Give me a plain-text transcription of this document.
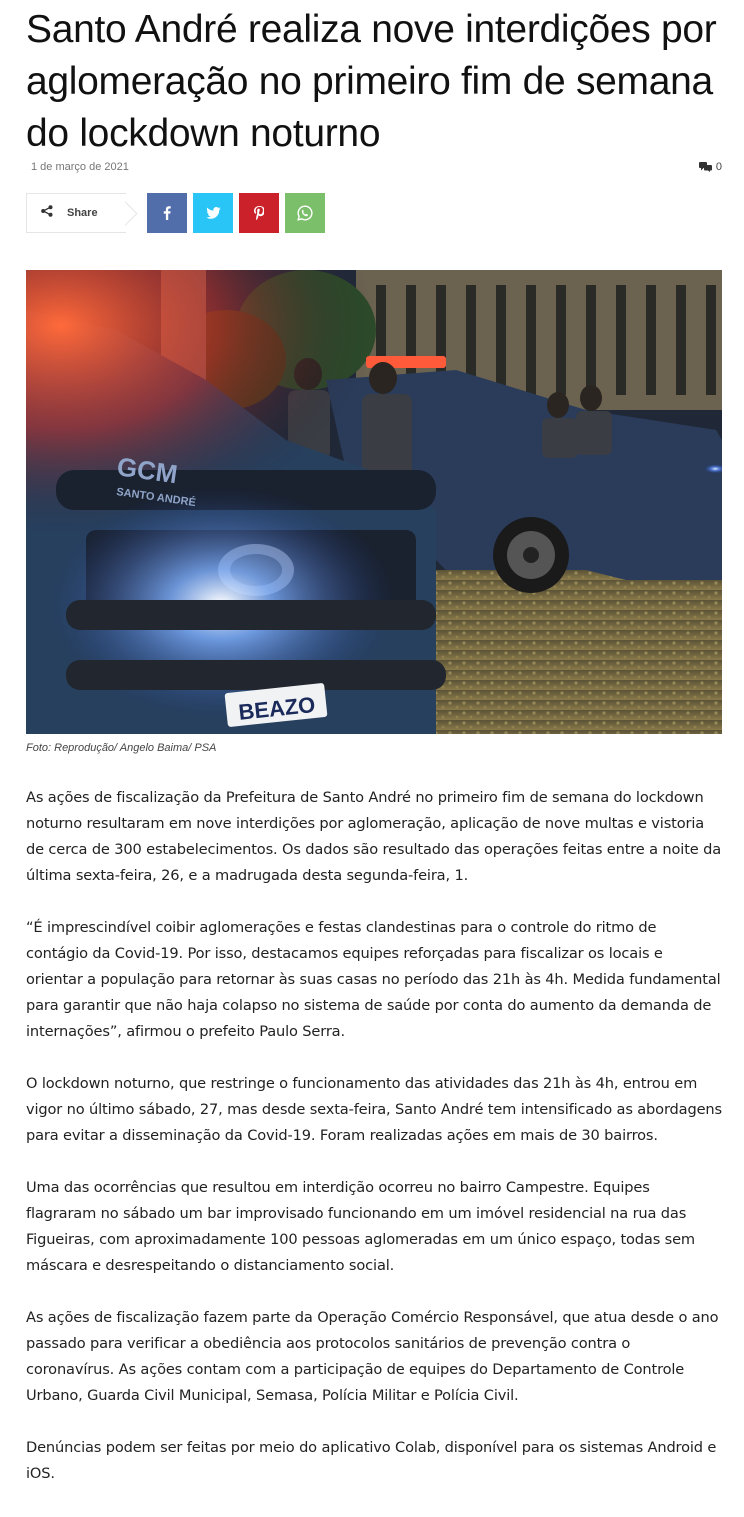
Santo André realiza nove interdições por aglomeração no primeiro fim de semana do lockdown noturno
1 de março de 2021	0
Share
GCM
SANTO ANDRÉ
BEAZO
Foto: Reprodução/ Angelo Baima/ PSA

As ações de fiscalização da Prefeitura de Santo André no primeiro fim de semana do lockdown noturno resultaram em nove interdições por aglomeração, aplicação de nove multas e vistoria de cerca de 300 estabelecimentos. Os dados são resultado das operações feitas entre a noite da última sexta-feira, 26, e a madrugada desta segunda-feira, 1.

“É imprescindível coibir aglomerações e festas clandestinas para o controle do ritmo de contágio da Covid-19. Por isso, destacamos equipes reforçadas para fiscalizar os locais e orientar a população para retornar às suas casas no período das 21h às 4h. Medida fundamental para garantir que não haja colapso no sistema de saúde por conta do aumento da demanda de internações”, afirmou o prefeito Paulo Serra.

O lockdown noturno, que restringe o funcionamento das atividades das 21h às 4h, entrou em vigor no último sábado, 27, mas desde sexta-feira, Santo André tem intensificado as abordagens para evitar a disseminação da Covid-19. Foram realizadas ações em mais de 30 bairros.

Uma das ocorrências que resultou em interdição ocorreu no bairro Campestre. Equipes flagraram no sábado um bar improvisado funcionando em um imóvel residencial na rua das Figueiras, com aproximadamente 100 pessoas aglomeradas em um único espaço, todas sem máscara e desrespeitando o distanciamento social.

As ações de fiscalização fazem parte da Operação Comércio Responsável, que atua desde o ano passado para verificar a obediência aos protocolos sanitários de prevenção contra o coronavírus. As ações contam com a participação de equipes do Departamento de Controle Urbano, Guarda Civil Municipal, Semasa, Polícia Militar e Polícia Civil.

Denúncias podem ser feitas por meio do aplicativo Colab, disponível para os sistemas Android e iOS.
